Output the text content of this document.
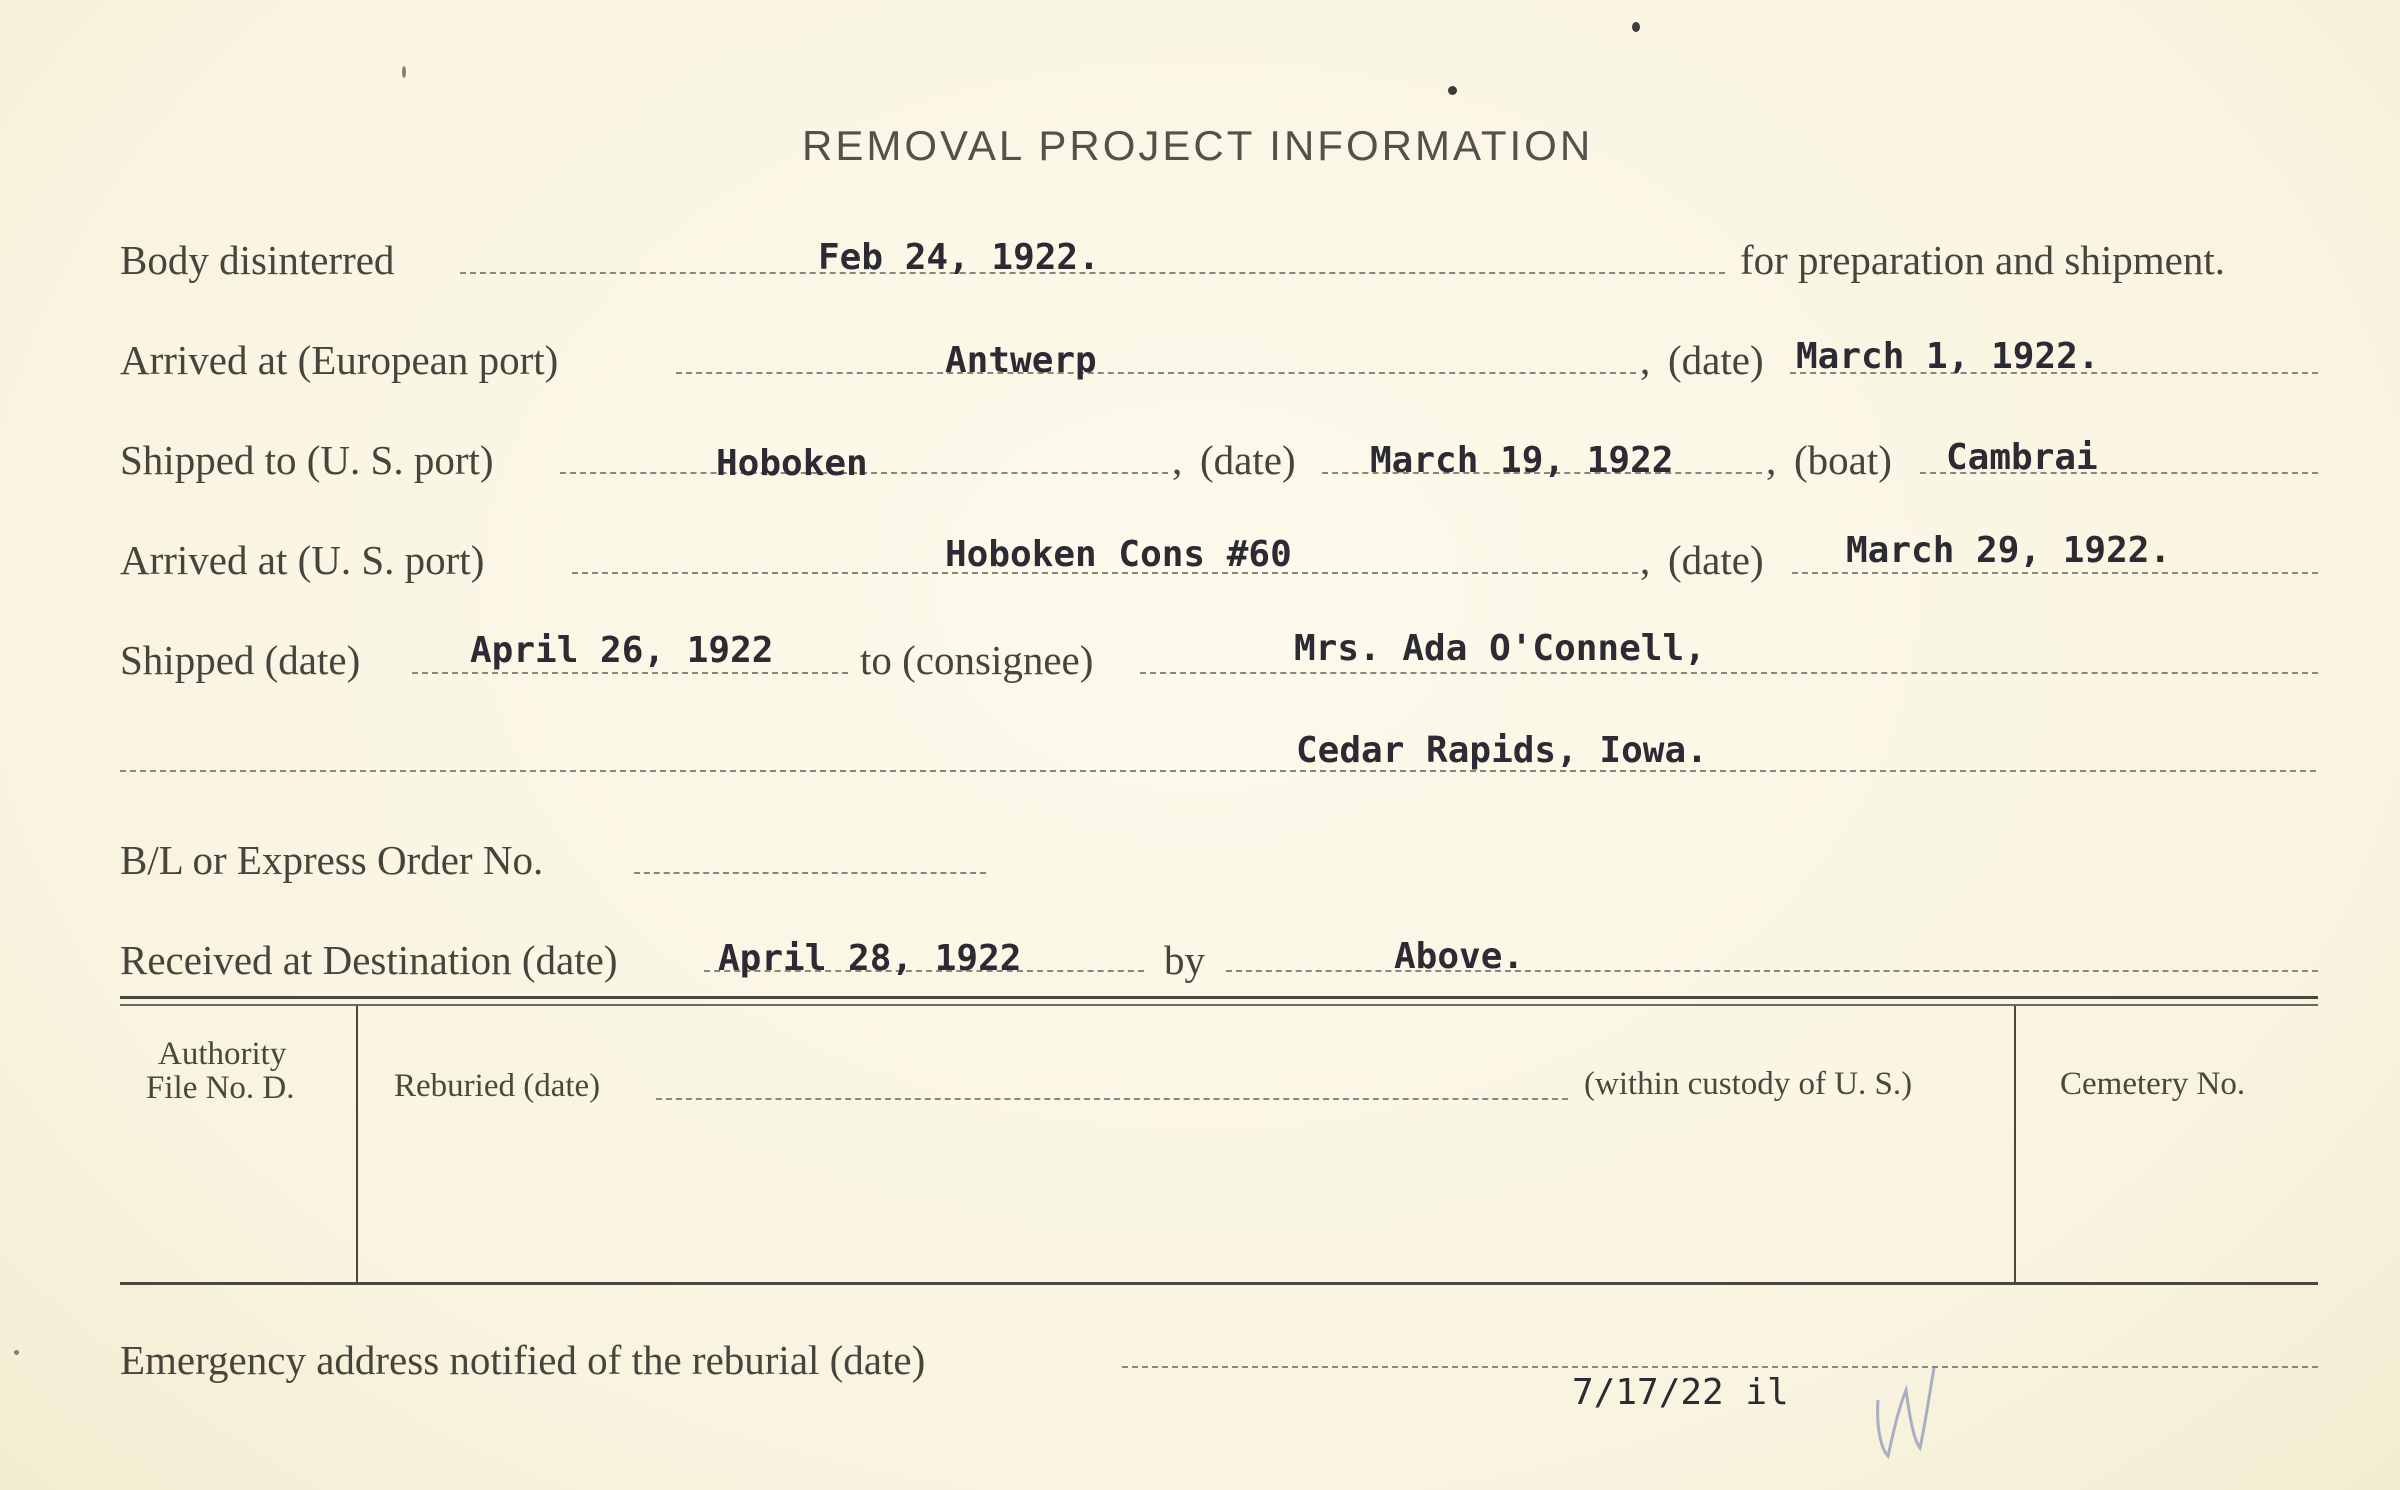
REMOVAL PROJECT INFORMATION
Body disinterred	Feb 24, 1922.	for preparation and shipment.
Arrived at (European port)	Antwerp	, (date) March 1, 1922.
Shipped to (U. S. port)	Hoboken	, (date) March 19, 1922 , (boat) Cambrai
Arrived at (U. S. port)	Hoboken Cons #60	, (date) March 29, 1922.
Shipped (date)	April 26, 1922 to (consignee)	Mrs. Ada O'Connell,
Cedar Rapids, Iowa.
B/L or Express Order No.
Received at Destination (date)	April 28, 1922	by	Above.
Authority
File No. D.	Reburied (date)	(within custody of U. S.)	Cemetery No.
Emergency address notified of the reburial (date)
7/17/22 il
